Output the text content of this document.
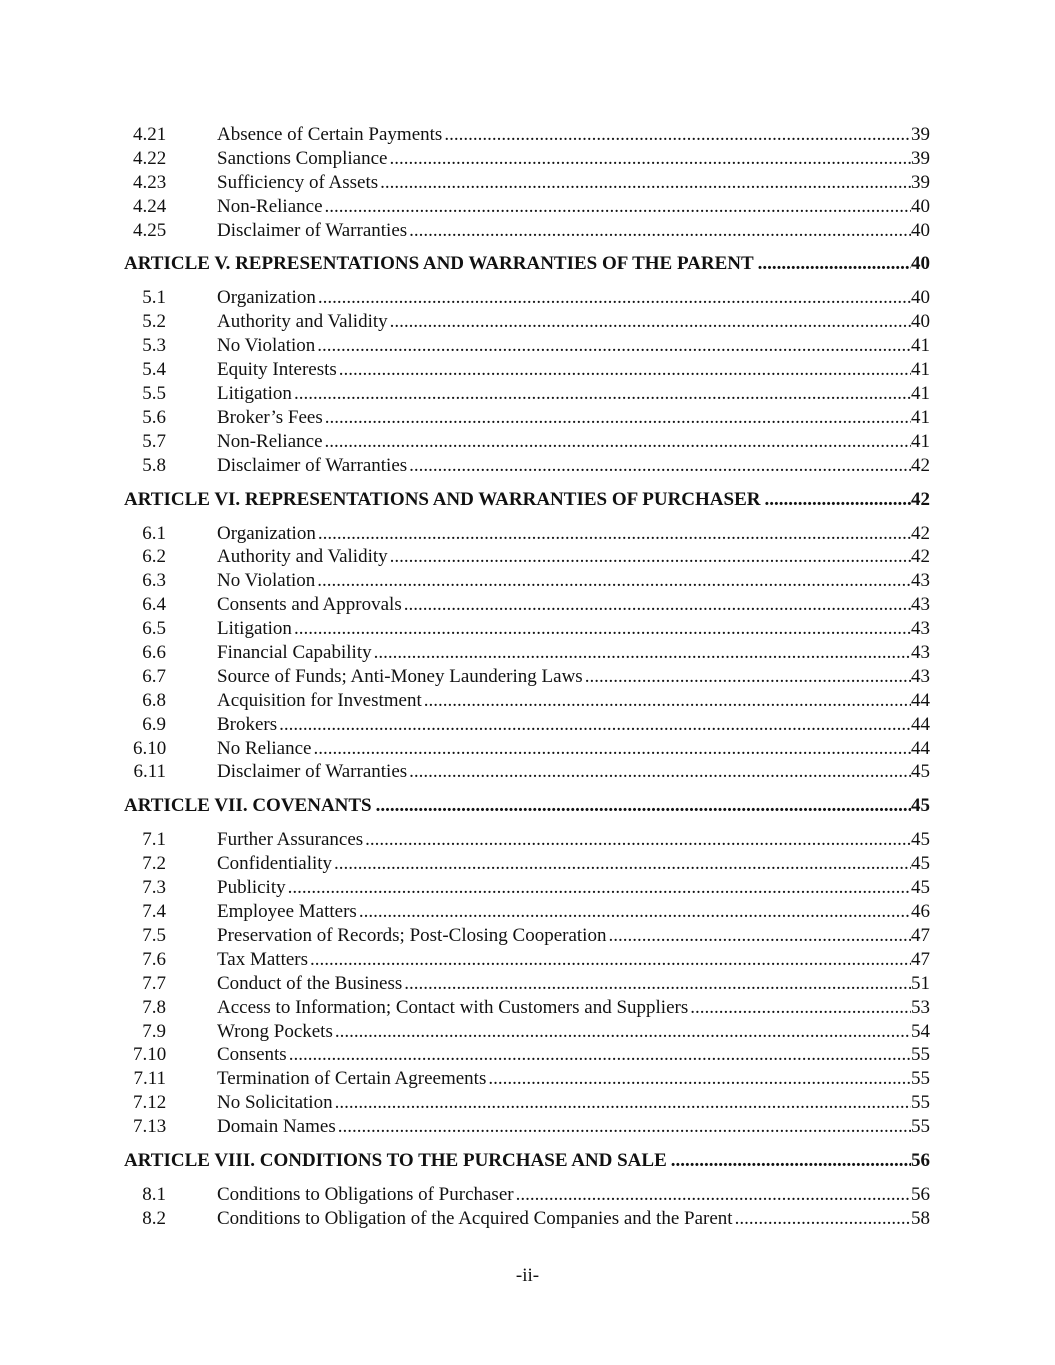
4.21	Absence of Certain Payments .....	39
4.22	Sanctions Compliance .....	39
4.23	Sufficiency of Assets .....	39
4.24	Non-Reliance .....	40
4.25	Disclaimer of Warranties .....	40
ARTICLE V. REPRESENTATIONS AND WARRANTIES OF THE PARENT .....	40
5.1	Organization .....	40
5.2	Authority and Validity .....	40
5.3	No Violation .....	41
5.4	Equity Interests .....	41
5.5	Litigation .....	41
5.6	Broker’s Fees .....	41
5.7	Non-Reliance .....	41
5.8	Disclaimer of Warranties .....	42
ARTICLE VI. REPRESENTATIONS AND WARRANTIES OF PURCHASER .....	42
6.1	Organization .....	42
6.2	Authority and Validity .....	42
6.3	No Violation .....	43
6.4	Consents and Approvals .....	43
6.5	Litigation .....	43
6.6	Financial Capability .....	43
6.7	Source of Funds; Anti-Money Laundering Laws .....	43
6.8	Acquisition for Investment .....	44
6.9	Brokers .....	44
6.10	No Reliance .....	44
6.11	Disclaimer of Warranties .....	45
ARTICLE VII. COVENANTS .....	45
7.1	Further Assurances .....	45
7.2	Confidentiality .....	45
7.3	Publicity .....	45
7.4	Employee Matters .....	46
7.5	Preservation of Records; Post-Closing Cooperation .....	47
7.6	Tax Matters .....	47
7.7	Conduct of the Business .....	51
7.8	Access to Information; Contact with Customers and Suppliers .....	53
7.9	Wrong Pockets .....	54
7.10	Consents .....	55
7.11	Termination of Certain Agreements .....	55
7.12	No Solicitation .....	55
7.13	Domain Names .....	55
ARTICLE VIII. CONDITIONS TO THE PURCHASE AND SALE .....	56
8.1	Conditions to Obligations of Purchaser .....	56
8.2	Conditions to Obligation of the Acquired Companies and the Parent .....	58
-ii-
